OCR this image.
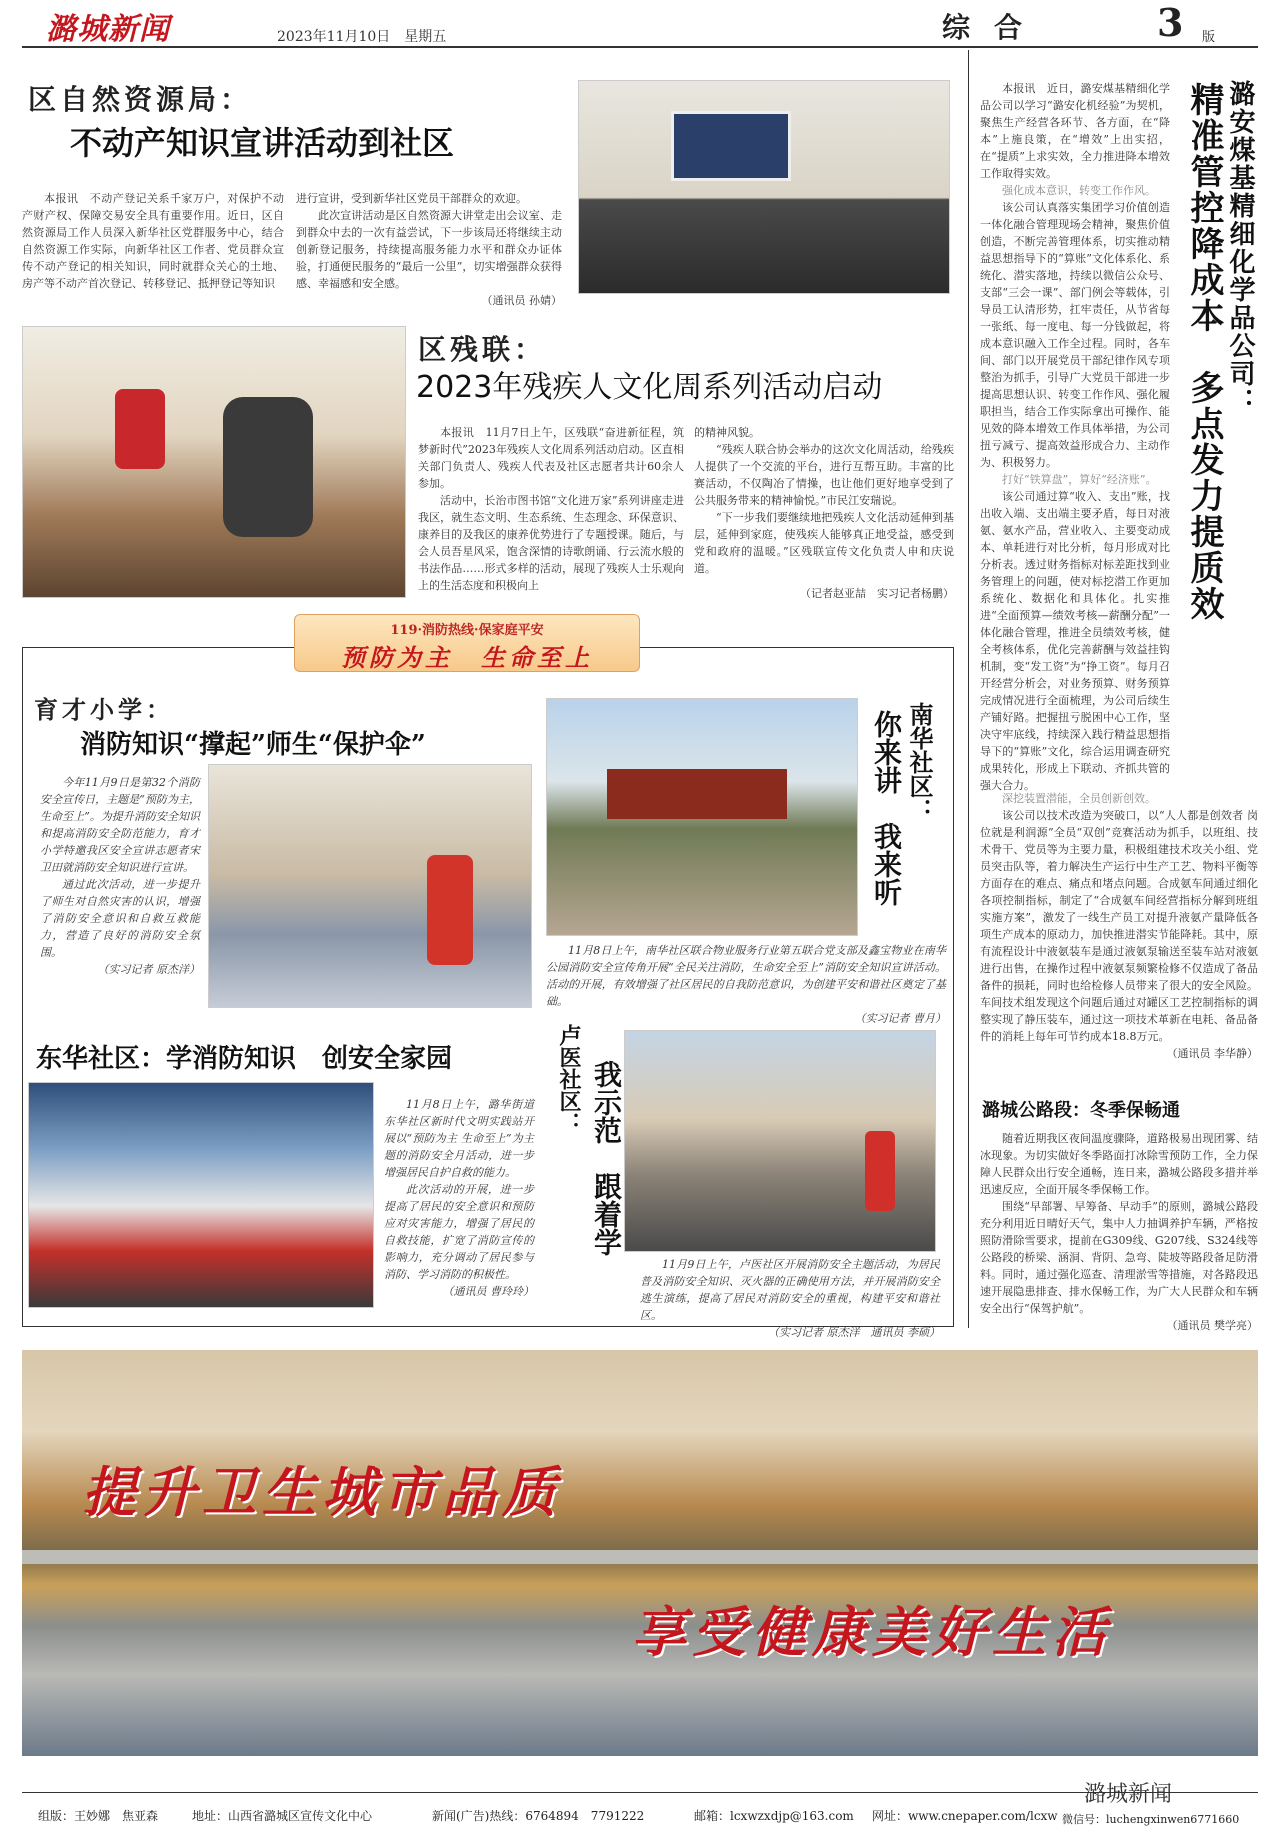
潞城新闻	2023年11月10日　星期五	综合	3 版
区自然资源局：
不动产知识宣讲活动到社区

本报讯　不动产登记关系千家万户，对保护不动产财产权、保障交易安全具有重要作用。近日，区自然资源局工作人员深入新华社区党群服务中心，结合自然资源工作实际，向新华社区工作者、党员群众宣传不动产登记的相关知识，同时就群众关心的土地、房产等不动产首次登记、转移登记、抵押登记等知识

进行宣讲，受到新华社区党员干部群众的欢迎。

此次宣讲活动是区自然资源大讲堂走出会议室、走到群众中去的一次有益尝试，下一步该局还将继续主动创新登记服务，持续提高服务能力水平和群众办证体验，打通便民服务的“最后一公里”，切实增强群众获得感、幸福感和安全感。

（通讯员 孙婧）
区残联：
2023年残疾人文化周系列活动启动

本报讯　11月7日上午，区残联“奋进新征程，筑梦新时代”2023年残疾人文化周系列活动启动。区直相关部门负责人、残疾人代表及社区志愿者共计60余人参加。

活动中，长治市图书馆“文化进万家”系列讲座走进我区，就生态文明、生态系统、生态理念、环保意识、康养目的及我区的康养优势进行了专题授课。随后，与会人员吾星风采，饱含深情的诗歌朗诵、行云流水般的书法作品……形式多样的活动，展现了残疾人士乐观向上的生活态度和积极向上

的精神风貌。

“残疾人联合协会举办的这次文化周活动，给残疾人提供了一个交流的平台，进行互帮互助。丰富的比赛活动，不仅陶冶了情操，也让他们更好地享受到了公共服务带来的精神愉悦。”市民江安瑞说。

“下一步我们要继续地把残疾人文化活动延伸到基层，延伸到家庭，使残疾人能够真正地受益，感受到党和政府的温暖。”区残联宣传文化负责人申和庆说道。

（记者赵亚喆　实习记者杨鹏）
119·消防热线·保家庭平安
预防为主　生命至上
育才小学：
消防知识“撑起”师生“保护伞”

今年11月9日是第32个消防安全宣传日，主题是“预防为主，生命至上”。为提升消防安全知识和提高消防安全防范能力，育才小学特邀我区安全宣讲志愿者宋卫田就消防安全知识进行宣讲。

通过此次活动，进一步提升了师生对自然灾害的认识，增强了消防安全意识和自救互救能力，营造了良好的消防安全氛围。

（实习记者 原杰洋）
南华社区：
你来讲　我来听

11月8日上午，南华社区联合物业服务行业第五联合党支部及鑫宝物业在南华公园消防安全宣传角开展“全民关注消防，生命安全至上”消防安全知识宣讲活动。活动的开展，有效增强了社区居民的自我防范意识，为创建平安和谐社区奠定了基础。

（实习记者 曹月）
东华社区：学消防知识　创安全家园

11月8日上午，潞华街道东华社区新时代文明实践站开展以“预防为主 生命至上”为主题的消防安全月活动，进一步增强居民自护自救的能力。

此次活动的开展，进一步提高了居民的安全意识和预防应对灾害能力，增强了居民的自救技能，扩宽了消防宣传的影响力，充分调动了居民参与消防、学习消防的积极性。

（通讯员 曹玲玲）
卢医社区： 我示范　跟着学

11月9日上午，卢医社区开展消防安全主题活动，为居民普及消防安全知识、灭火器的正确使用方法，并开展消防安全逃生演练，提高了居民对消防安全的重视，构建平安和谐社区。

（实习记者 原杰洋　通讯员 李硕）
潞安煤基精细化学品公司：
精准管控降成本　多点发力提质效

本报讯　近日，潞安煤基精细化学品公司以学习“潞安化机经验”为契机，聚焦生产经营各环节、各方面，在“降本”上施良策，在“增效”上出实招，在“提质”上求实效，全力推进降本增效工作取得实效。

强化成本意识，转变工作作风。

该公司认真落实集团学习价值创造一体化融合管理现场会精神，聚焦价值创造，不断完善管理体系，切实推动精益思想指导下的“算账”文化体系化、系统化、潜实落地，持续以微信公众号、支部“三会一课”、部门例会等载体，引导员工认清形势，扛牢责任，从节省每一张纸、每一度电、每一分钱做起，将成本意识融入工作全过程。同时，各车间、部门以开展党员干部纪律作风专项整治为抓手，引导广大党员干部进一步提高思想认识、转变工作作风、强化履职担当，结合工作实际拿出可操作、能见效的降本增效工作具体举措，为公司扭亏减亏、提高效益形成合力、主动作为、积极努力。

打好“铁算盘”，算好“经济账”。

该公司通过算“收入、支出”账，找出收入端、支出端主要矛盾，每日对液氨、氨水产品，营业收入、主要变动成本、单耗进行对比分析，每月形成对比分析表。透过财务指标对标差距找到业务管理上的问题，使对标挖潜工作更加系统化、数据化和具体化。扎实推进“全面预算—绩效考核—薪酬分配”一体化融合管理，推进全员绩效考核，健全考核体系，优化完善薪酬与效益挂钩机制，变“发工资”为“挣工资”。每月召开经营分析会，对业务预算、财务预算完成情况进行全面梳理，为公司后续生产铺好路。把握扭亏脱困中心工作，坚决守牢底线，持续深入践行精益思想指导下的“算账”文化，综合运用调查研究成果转化，形成上下联动、齐抓共管的强大合力。

深挖装置潜能，全员创新创效。

该公司以技术改造为突破口，以“人人都是创效者 岗位就是利润源”全员“双创”竞赛活动为抓手，以班组、技术骨干、党员等为主要力量，积极组建技术攻关小组、党员突击队等，着力解决生产运行中生产工艺、物料平衡等方面存在的难点、痛点和堵点问题。合成氨车间通过细化各项控制指标，制定了“合成氨车间经营指标分解到班组实施方案”，激发了一线生产员工对提升液氨产量降低各项生产成本的原动力，加快推进潜实节能降耗。其中，原有流程设计中液氨装车是通过液氨泵输送至装车站对液氨进行出售，在操作过程中液氨泵频繁检修不仅造成了备品备件的损耗，同时也给检修人员带来了很大的安全风险。车间技术组发现这个问题后通过对罐区工艺控制指标的调整实现了静压装车，通过这一项技术革新在电耗、备品备件的消耗上每年可节约成本18.8万元。

（通讯员 李华静）
潞城公路段：冬季保畅通

随着近期我区夜间温度骤降，道路极易出现团雾、结冰现象。为切实做好冬季路面打冰除雪预防工作，全力保障人民群众出行安全通畅，连日来，潞城公路段多措并举迅速反应，全面开展冬季保畅工作。

围绕“早部署、早筹备、早动手”的原则，潞城公路段充分利用近日晴好天气，集中人力抽调养护车辆，严格按照防滑除雪要求，提前在G309线、G207线、S324线等公路段的桥梁、涵洞、背阴、急弯、陡坡等路段备足防滑料。同时，通过强化巡查、清理淤雪等措施，对各路段迅速开展隐患排查、排水保畅工作，为广大人民群众和车辆安全出行“保驾护航”。

（通讯员 樊学亮）
提升卫生城市品质
享受健康美好生活
组版：王妙娜　焦亚森	地址：山西省潞城区宣传文化中心	新闻(广告)热线：6764894　7791222	邮箱：lcxwzxdjp@163.com 网址：www.cnepaper.com/lcxw
潞城新闻
微信号：luchengxinwen6771660
